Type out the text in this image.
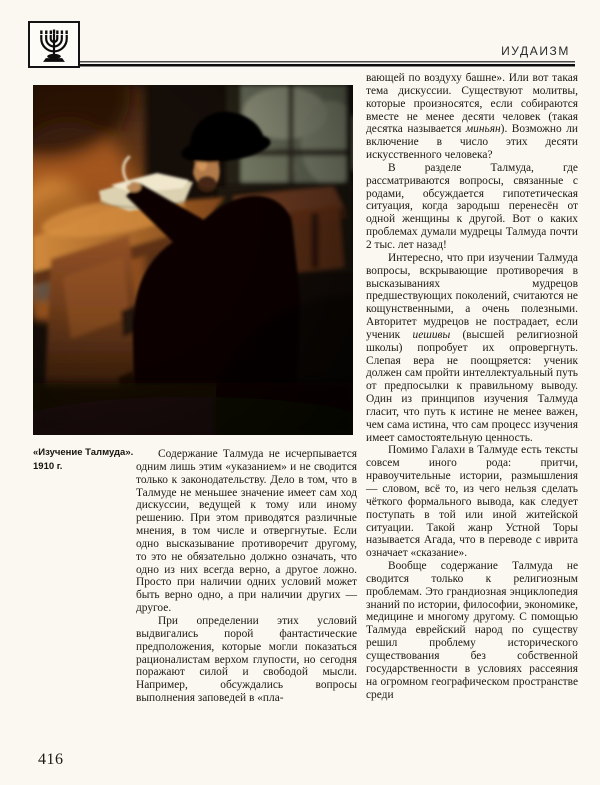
ИУДАИЗМ
«Изучение Талмуда».
1910 г.

Содержание Талмуда не исчерпывается одним лишь этим «указанием» и не сводится только к законодательству. Дело в том, что в Талмуде не меньшее значение имеет сам ход дискуссии, ведущей к тому или иному решению. При этом приводятся различные мнения, в том числе и отвергнутые. Если одно высказывание противоречит другому, то это не обязательно должно означать, что одно из них всегда верно, а другое ложно. Просто при наличии одних условий может быть верно одно, а при наличии других — другое.

При определении этих условий выдвигались порой фантастические предположения, которые могли показаться рационалистам верхом глупости, но сегодня поражают силой и свободой мысли. Например, обсуждались вопросы выполнения заповедей в «пла-

вающей по воздуху башне». Или вот такая тема дискуссии. Существуют молитвы, которые произносятся, если собираются вместе не менее десяти человек (такая десятка называется миньян). Возможно ли включение в число этих десяти искусственного человека?

В разделе Талмуда, где рассматриваются вопросы, связанные с родами, обсуждается гипотетическая ситуация, когда зародыш перенесён от одной женщины к другой. Вот о каких проблемах думали мудрецы Талмуда почти 2 тыс. лет назад!

Интересно, что при изучении Талмуда вопросы, вскрывающие противоречия в высказываниях мудрецов предшествующих поколений, считаются не кощунственными, а очень полезными. Авторитет мудрецов не пострадает, если ученик иешивы (высшей религиозной школы) попробует их опровергнуть. Слепая вера не поощряется: ученик должен сам пройти интеллектуальный путь от предпосылки к правильному выводу. Один из принципов изучения Талмуда гласит, что путь к истине не менее важен, чем сама истина, что сам процесс изучения имеет самостоятельную ценность.

Помимо Галахи в Талмуде есть тексты совсем иного рода: притчи, нравоучительные истории, размышления — словом, всё то, из чего нельзя сделать чёткого формального вывода, как следует поступать в той или иной житейской ситуации. Такой жанр Устной Торы называется Агада, что в переводе с иврита означает «сказание».

Вообще содержание Талмуда не сводится только к религиозным проблемам. Это грандиозная энциклопедия знаний по истории, философии, экономике, медицине и многому другому. С помощью Талмуда еврейский народ по существу решил проблему исторического существования без собственной государственности в условиях рассеяния на огромном географическом пространстве среди

416
